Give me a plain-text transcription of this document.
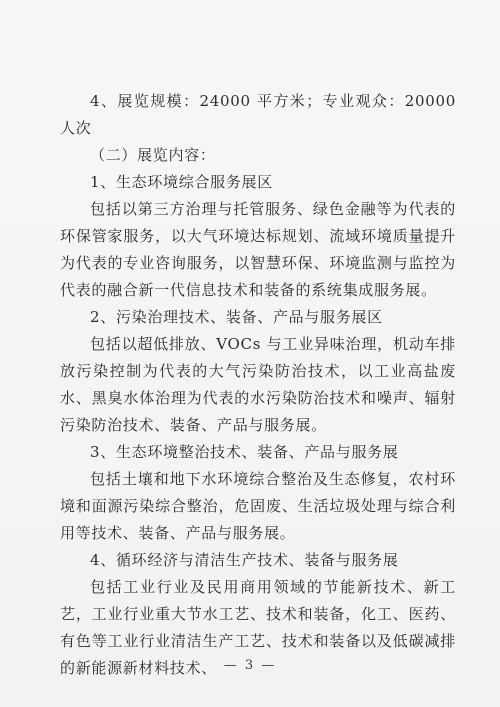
4、展览规模：24000 平方米；专业观众：20000 人次

（二）展览内容：

1、生态环境综合服务展区

包括以第三方治理与托管服务、绿色金融等为代表的环保管家服务，以大气环境达标规划、流域环境质量提升为代表的专业咨询服务，以智慧环保、环境监测与监控为代表的融合新一代信息技术和装备的系统集成服务展。

2、污染治理技术、装备、产品与服务展区

包括以超低排放、VOCs 与工业异味治理，机动车排放污染控制为代表的大气污染防治技术，以工业高盐废水、黑臭水体治理为代表的水污染防治技术和噪声、辐射污染防治技术、装备、产品与服务展。

3、生态环境整治技术、装备、产品与服务展

包括土壤和地下水环境综合整治及生态修复，农村环境和面源污染综合整治，危固废、生活垃圾处理与综合利用等技术、装备、产品与服务展。

4、循环经济与清洁生产技术、装备与服务展

包括工业行业及民用商用领域的节能新技术、新工艺，工业行业重大节水工艺、技术和装备，化工、医药、有色等工业行业清洁生产工艺、技术和装备以及低碳减排的新能源新材料技术、 — 3 —
